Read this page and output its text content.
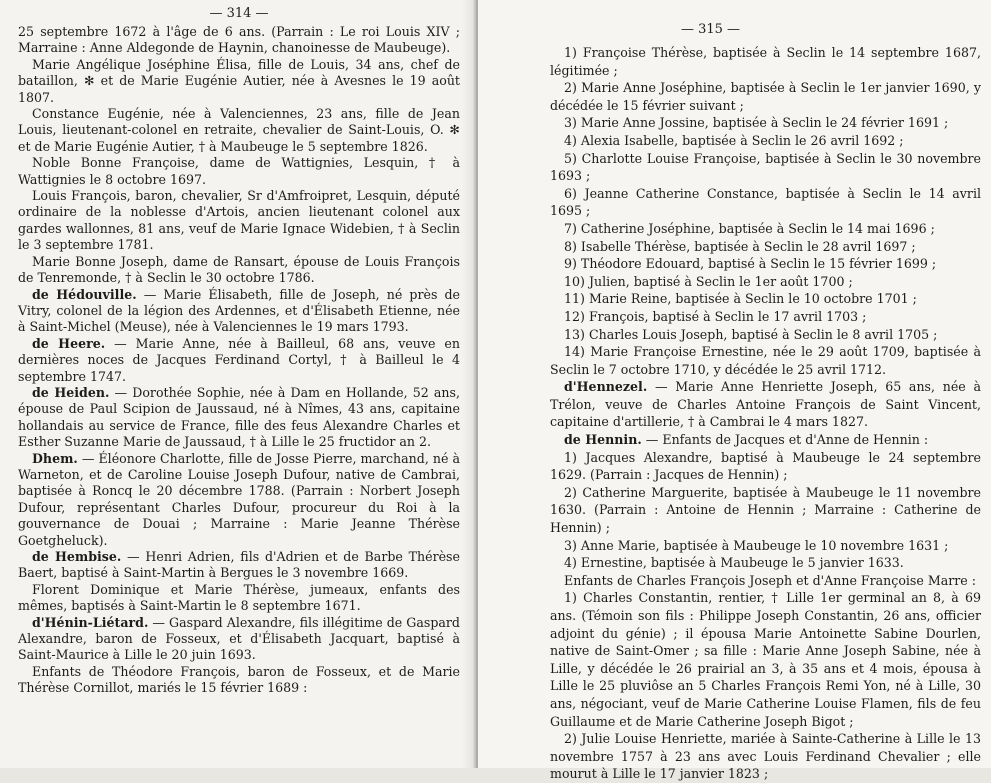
— 314 —

25 septembre 1672 à l'âge de 6 ans. (Parrain : Le roi Louis XIV ; Marraine : Anne Aldegonde de Haynin, chanoinesse de Maubeuge).

Marie Angélique Joséphine Élisa, fille de Louis, 34 ans, chef de bataillon, ✻ et de Marie Eugénie Autier, née à Avesnes le 19 août 1807.

Constance Eugénie, née à Valenciennes, 23 ans, fille de Jean Louis, lieutenant-colonel en retraite, chevalier de Saint-Louis, O. ✻ et de Marie Eugénie Autier, † à Maubeuge le 5 septembre 1826.

Noble Bonne Françoise, dame de Wattignies, Lesquin, † à Wattignies le 8 octobre 1697.

Louis François, baron, chevalier, Sr d'Amfroipret, Lesquin, député ordinaire de la noblesse d'Artois, ancien lieutenant colonel aux gardes wallonnes, 81 ans, veuf de Marie Ignace Widebien, † à Seclin le 3 septembre 1781.

Marie Bonne Joseph, dame de Ransart, épouse de Louis François de Tenremonde, † à Seclin le 30 octobre 1786.

de Hédouville. — Marie Élisabeth, fille de Joseph, né près de Vitry, colonel de la légion des Ardennes, et d'Élisabeth Etienne, née à Saint-Michel (Meuse), née à Valenciennes le 19 mars 1793.

de Heere. — Marie Anne, née à Bailleul, 68 ans, veuve en dernières noces de Jacques Ferdinand Cortyl, † à Bailleul le 4 septembre 1747.

de Heiden. — Dorothée Sophie, née à Dam en Hollande, 52 ans, épouse de Paul Scipion de Jaussaud, né à Nîmes, 43 ans, capitaine hollandais au service de France, fille des feus Alexandre Charles et Esther Suzanne Marie de Jaussaud, † à Lille le 25 fructidor an 2.

Dhem. — Éléonore Charlotte, fille de Josse Pierre, marchand, né à Warneton, et de Caroline Louise Joseph Dufour, native de Cambrai, baptisée à Roncq le 20 décembre 1788. (Parrain : Norbert Joseph Dufour, représentant Charles Dufour, procureur du Roi à la gouvernance de Douai ; Marraine : Marie Jeanne Thérèse Goetgheluck).

de Hembise. — Henri Adrien, fils d'Adrien et de Barbe Thérèse Baert, baptisé à Saint-Martin à Bergues le 3 novembre 1669.

Florent Dominique et Marie Thérèse, jumeaux, enfants des mêmes, baptisés à Saint-Martin le 8 septembre 1671.

d'Hénin-Liétard. — Gaspard Alexandre, fils illégitime de Gaspard Alexandre, baron de Fosseux, et d'Élisabeth Jacquart, baptisé à Saint-Maurice à Lille le 20 juin 1693.

Enfants de Théodore François, baron de Fosseux, et de Marie Thérèse Cornillot, mariés le 15 février 1689 :

— 315 —

1) Françoise Thérèse, baptisée à Seclin le 14 septembre 1687, légitimée ;

2) Marie Anne Joséphine, baptisée à Seclin le 1er janvier 1690, y décédée le 15 février suivant ;

3) Marie Anne Jossine, baptisée à Seclin le 24 février 1691 ;

4) Alexia Isabelle, baptisée à Seclin le 26 avril 1692 ;

5) Charlotte Louise Françoise, baptisée à Seclin le 30 novembre 1693 ;

6) Jeanne Catherine Constance, baptisée à Seclin le 14 avril 1695 ;

7) Catherine Joséphine, baptisée à Seclin le 14 mai 1696 ;

8) Isabelle Thérèse, baptisée à Seclin le 28 avril 1697 ;

9) Théodore Edouard, baptisé à Seclin le 15 février 1699 ;

10) Julien, baptisé à Seclin le 1er août 1700 ;

11) Marie Reine, baptisée à Seclin le 10 octobre 1701 ;

12) François, baptisé à Seclin le 17 avril 1703 ;

13) Charles Louis Joseph, baptisé à Seclin le 8 avril 1705 ;

14) Marie Françoise Ernestine, née le 29 août 1709, baptisée à Seclin le 7 octobre 1710, y décédée le 25 avril 1712.

d'Hennezel. — Marie Anne Henriette Joseph, 65 ans, née à Trélon, veuve de Charles Antoine François de Saint Vincent, capitaine d'artillerie, † à Cambrai le 4 mars 1827.

de Hennin. — Enfants de Jacques et d'Anne de Hennin :

1) Jacques Alexandre, baptisé à Maubeuge le 24 septembre 1629. (Parrain : Jacques de Hennin) ;

2) Catherine Marguerite, baptisée à Maubeuge le 11 novembre 1630. (Parrain : Antoine de Hennin ; Marraine : Catherine de Hennin) ;

3) Anne Marie, baptisée à Maubeuge le 10 novembre 1631 ;

4) Ernestine, baptisée à Maubeuge le 5 janvier 1633.

Enfants de Charles François Joseph et d'Anne Françoise Marre :

1) Charles Constantin, rentier, † Lille 1er germinal an 8, à 69 ans. (Témoin son fils : Philippe Joseph Constantin, 26 ans, officier adjoint du génie) ; il épousa Marie Antoinette Sabine Dourlen, native de Saint-Omer ; sa fille : Marie Anne Joseph Sabine, née à Lille, y décédée le 26 prairial an 3, à 35 ans et 4 mois, épousa à Lille le 25 pluviôse an 5 Charles François Remi Yon, né à Lille, 30 ans, négociant, veuf de Marie Catherine Louise Flamen, fils de feu Guillaume et de Marie Catherine Joseph Bigot ;

2) Julie Louise Henriette, mariée à Sainte-Catherine à Lille le 13 novembre 1757 à 23 ans avec Louis Ferdinand Chevalier ; elle mourut à Lille le 17 janvier 1823 ;
